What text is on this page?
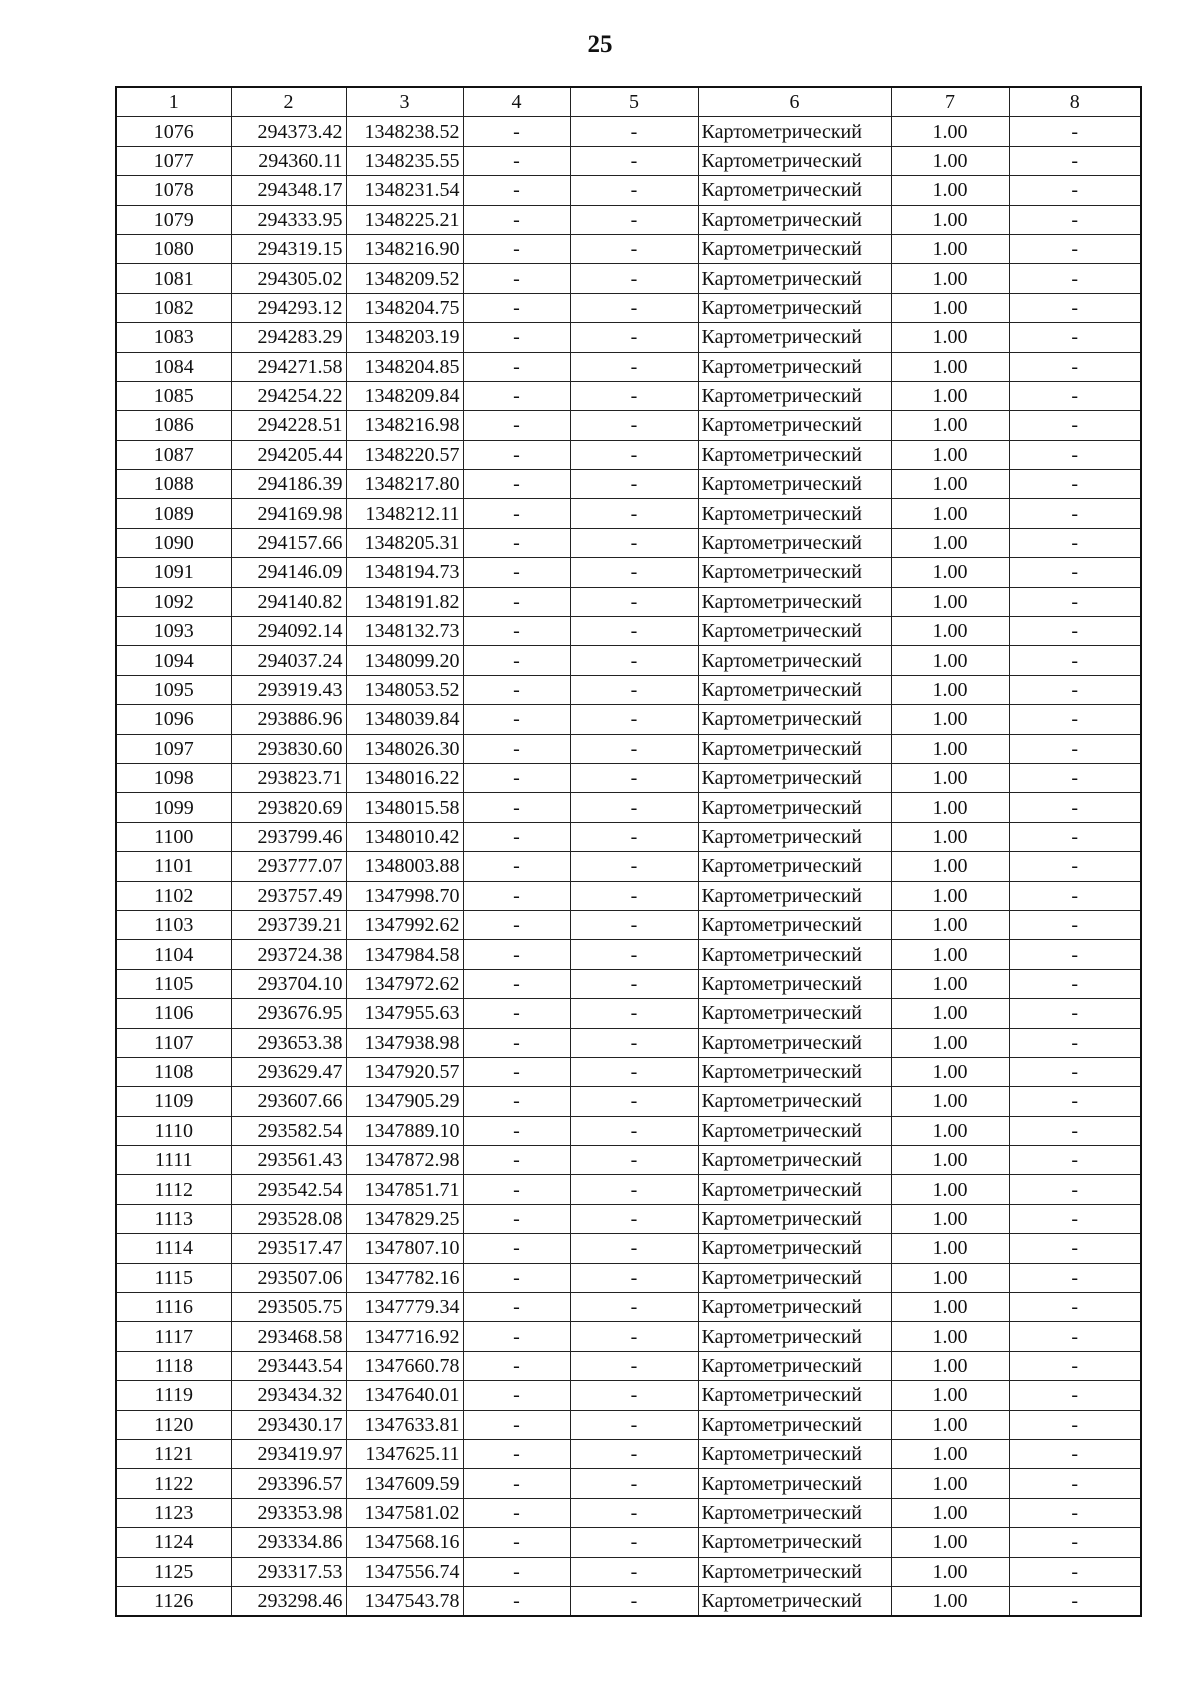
25
1	2	3	4	5	6	7	8
1076	294373.42	1348238.52	-	-	Картометрический	1.00	-
1077	294360.11	1348235.55	-	-	Картометрический	1.00	-
1078	294348.17	1348231.54	-	-	Картометрический	1.00	-
1079	294333.95	1348225.21	-	-	Картометрический	1.00	-
1080	294319.15	1348216.90	-	-	Картометрический	1.00	-
1081	294305.02	1348209.52	-	-	Картометрический	1.00	-
1082	294293.12	1348204.75	-	-	Картометрический	1.00	-
1083	294283.29	1348203.19	-	-	Картометрический	1.00	-
1084	294271.58	1348204.85	-	-	Картометрический	1.00	-
1085	294254.22	1348209.84	-	-	Картометрический	1.00	-
1086	294228.51	1348216.98	-	-	Картометрический	1.00	-
1087	294205.44	1348220.57	-	-	Картометрический	1.00	-
1088	294186.39	1348217.80	-	-	Картометрический	1.00	-
1089	294169.98	1348212.11	-	-	Картометрический	1.00	-
1090	294157.66	1348205.31	-	-	Картометрический	1.00	-
1091	294146.09	1348194.73	-	-	Картометрический	1.00	-
1092	294140.82	1348191.82	-	-	Картометрический	1.00	-
1093	294092.14	1348132.73	-	-	Картометрический	1.00	-
1094	294037.24	1348099.20	-	-	Картометрический	1.00	-
1095	293919.43	1348053.52	-	-	Картометрический	1.00	-
1096	293886.96	1348039.84	-	-	Картометрический	1.00	-
1097	293830.60	1348026.30	-	-	Картометрический	1.00	-
1098	293823.71	1348016.22	-	-	Картометрический	1.00	-
1099	293820.69	1348015.58	-	-	Картометрический	1.00	-
1100	293799.46	1348010.42	-	-	Картометрический	1.00	-
1101	293777.07	1348003.88	-	-	Картометрический	1.00	-
1102	293757.49	1347998.70	-	-	Картометрический	1.00	-
1103	293739.21	1347992.62	-	-	Картометрический	1.00	-
1104	293724.38	1347984.58	-	-	Картометрический	1.00	-
1105	293704.10	1347972.62	-	-	Картометрический	1.00	-
1106	293676.95	1347955.63	-	-	Картометрический	1.00	-
1107	293653.38	1347938.98	-	-	Картометрический	1.00	-
1108	293629.47	1347920.57	-	-	Картометрический	1.00	-
1109	293607.66	1347905.29	-	-	Картометрический	1.00	-
1110	293582.54	1347889.10	-	-	Картометрический	1.00	-
1111	293561.43	1347872.98	-	-	Картометрический	1.00	-
1112	293542.54	1347851.71	-	-	Картометрический	1.00	-
1113	293528.08	1347829.25	-	-	Картометрический	1.00	-
1114	293517.47	1347807.10	-	-	Картометрический	1.00	-
1115	293507.06	1347782.16	-	-	Картометрический	1.00	-
1116	293505.75	1347779.34	-	-	Картометрический	1.00	-
1117	293468.58	1347716.92	-	-	Картометрический	1.00	-
1118	293443.54	1347660.78	-	-	Картометрический	1.00	-
1119	293434.32	1347640.01	-	-	Картометрический	1.00	-
1120	293430.17	1347633.81	-	-	Картометрический	1.00	-
1121	293419.97	1347625.11	-	-	Картометрический	1.00	-
1122	293396.57	1347609.59	-	-	Картометрический	1.00	-
1123	293353.98	1347581.02	-	-	Картометрический	1.00	-
1124	293334.86	1347568.16	-	-	Картометрический	1.00	-
1125	293317.53	1347556.74	-	-	Картометрический	1.00	-
1126	293298.46	1347543.78	-	-	Картометрический	1.00	-
